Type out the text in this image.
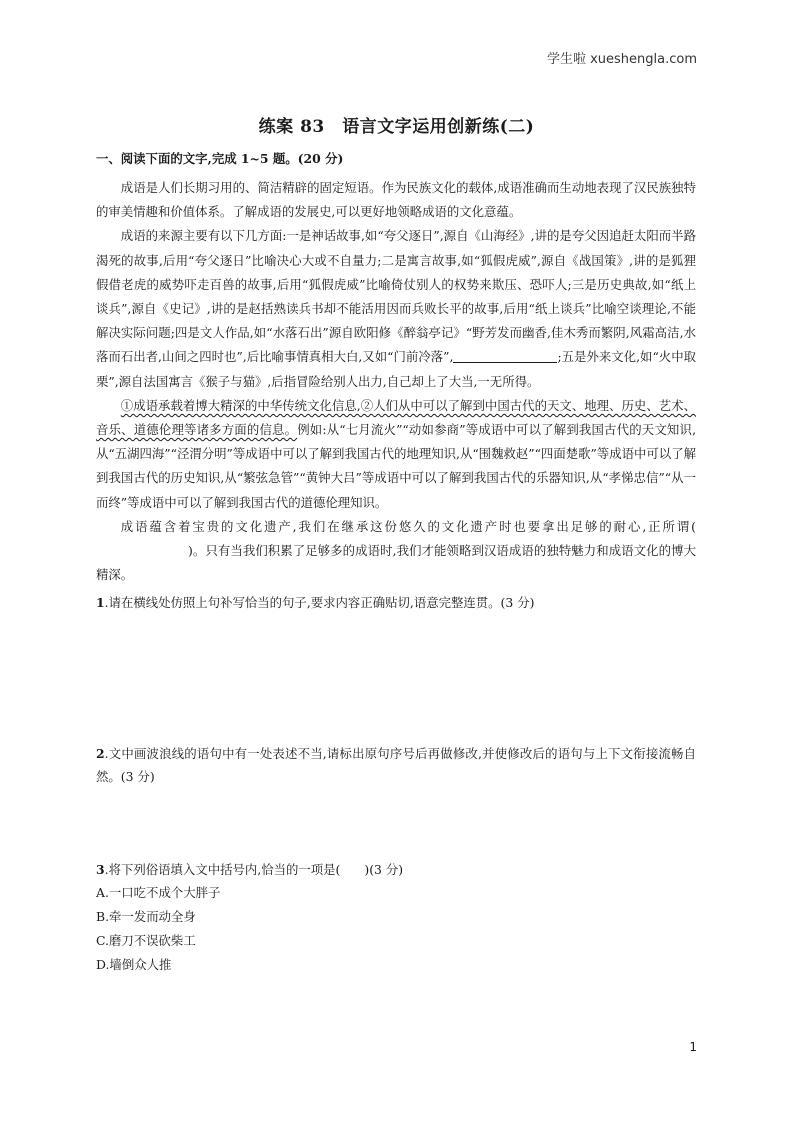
学生啦 xueshengla.com
练案 83　语言文字运用创新练(二)

一、阅读下面的文字,完成 1~5 题。(20 分)

成语是人们长期习用的、简洁精辟的固定短语。作为民族文化的载体,成语准确而生动地表现了汉民族独特的审美情趣和价值体系。了解成语的发展史,可以更好地领略成语的文化意蕴。

成语的来源主要有以下几方面:一是神话故事,如“夸父逐日”,源自《山海经》,讲的是夸父因追赶太阳而半路渴死的故事,后用“夸父逐日”比喻决心大或不自量力;二是寓言故事,如“狐假虎威”,源自《战国策》,讲的是狐狸假借老虎的威势吓走百兽的故事,后用“狐假虎威”比喻倚仗别人的权势来欺压、恐吓人;三是历史典故,如“纸上谈兵”,源自《史记》,讲的是赵括熟读兵书却不能活用因而兵败长平的故事,后用“纸上谈兵”比喻空谈理论,不能解决实际问题;四是文人作品,如“水落石出”源自欧阳修《醉翁亭记》“野芳发而幽香,佳木秀而繁阴,风霜高洁,水落而石出者,山间之四时也”,后比喻事情真相大白,又如“门前冷落”,	;五是外来文化,如“火中取栗”,源自法国寓言《猴子与猫》,后指冒险给别人出力,自己却上了大当,一无所得。

①成语承载着博大精深的中华传统文化信息,②人们从中可以了解到中国古代的天文、地理、历史、艺术、音乐、道德伦理等诸多方面的信息。例如:从“七月流火”“动如参商”等成语中可以了解到我国古代的天文知识,从“五湖四海”“泾渭分明”等成语中可以了解到我国古代的地理知识,从“围魏救赵”“四面楚歌”等成语中可以了解到我国古代的历史知识,从“繁弦急管”“黄钟大吕”等成语中可以了解到我国古代的乐器知识,从“孝悌忠信”“从一而终”等成语中可以了解到我国古代的道德伦理知识。

成语蕴含着宝贵的文化遗产,我们在继承这份悠久的文化遗产时也要拿出足够的耐心,正所谓()。只有当我们积累了足够多的成语时,我们才能领略到汉语成语的独特魅力和成语文化的博大精深。

1.请在横线处仿照上句补写恰当的句子,要求内容正确贴切,语意完整连贯。(3 分)

2.文中画波浪线的语句中有一处表述不当,请标出原句序号后再做修改,并使修改后的语句与上下文衔接流畅自然。(3 分)

3.将下列俗语填入文中括号内,恰当的一项是( )(3 分)

A.一口吃不成个大胖子

B.牵一发而动全身

C.磨刀不误砍柴工

D.墙倒众人推

1
